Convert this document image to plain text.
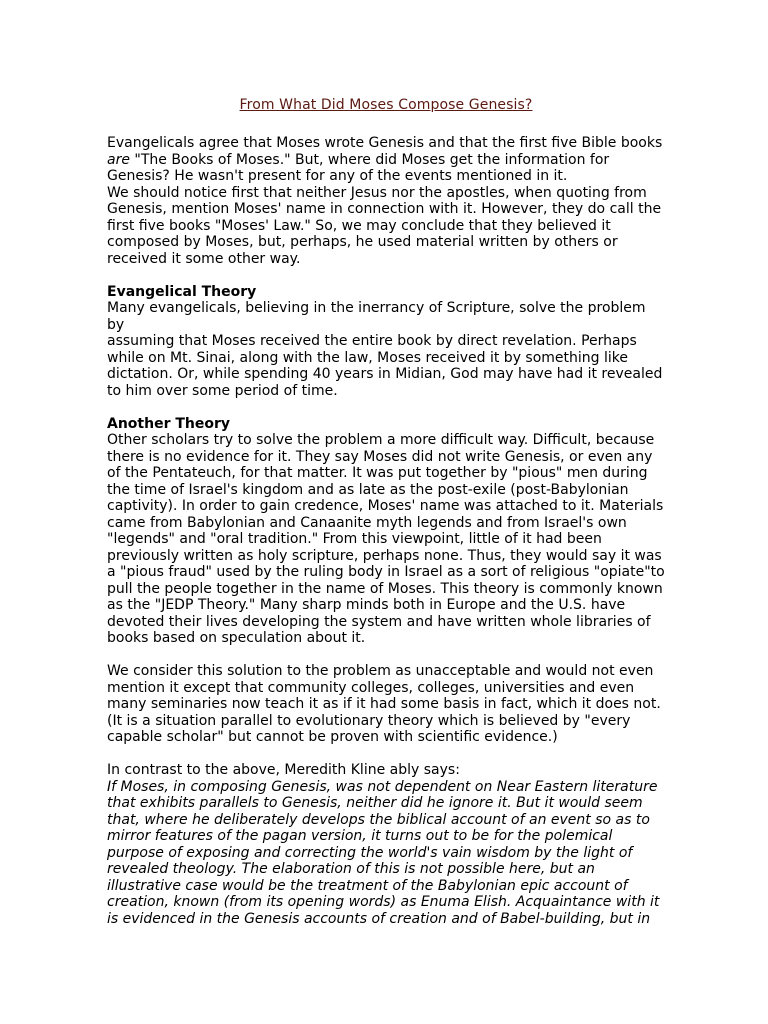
From What Did Moses Compose Genesis?

Evangelicals agree that Moses wrote Genesis and that the first five Bible books
are "The Books of Moses." But, where did Moses get the information for
Genesis? He wasn't present for any of the events mentioned in it.

We should notice first that neither Jesus nor the apostles, when quoting from
Genesis, mention Moses' name in connection with it. However, they do call the
first five books "Moses' Law." So, we may conclude that they believed it
composed by Moses, but, perhaps, he used material written by others or
received it some other way.

Evangelical Theory

Many evangelicals, believing in the inerrancy of Scripture, solve the problem by
assuming that Moses received the entire book by direct revelation. Perhaps
while on Mt. Sinai, along with the law, Moses received it by something like
dictation. Or, while spending 40 years in Midian, God may have had it revealed
to him over some period of time.

Another Theory

Other scholars try to solve the problem a more difficult way. Difficult, because
there is no evidence for it. They say Moses did not write Genesis, or even any
of the Pentateuch, for that matter. It was put together by "pious" men during
the time of Israel's kingdom and as late as the post-exile (post-Babylonian
captivity). In order to gain credence, Moses' name was attached to it. Materials
came from Babylonian and Canaanite myth legends and from Israel's own
"legends" and "oral tradition." From this viewpoint, little of it had been
previously written as holy scripture, perhaps none. Thus, they would say it was
a "pious fraud" used by the ruling body in Israel as a sort of religious "opiate"to
pull the people together in the name of Moses. This theory is commonly known
as the "JEDP Theory." Many sharp minds both in Europe and the U.S. have
devoted their lives developing the system and have written whole libraries of
books based on speculation about it.

We consider this solution to the problem as unacceptable and would not even
mention it except that community colleges, colleges, universities and even
many seminaries now teach it as if it had some basis in fact, which it does not.
(It is a situation parallel to evolutionary theory which is believed by "every
capable scholar" but cannot be proven with scientific evidence.)

In contrast to the above, Meredith Kline ably says:

If Moses, in composing Genesis, was not dependent on Near Eastern literature
that exhibits parallels to Genesis, neither did he ignore it. But it would seem
that, where he deliberately develops the biblical account of an event so as to
mirror features of the pagan version, it turns out to be for the polemical
purpose of exposing and correcting the world's vain wisdom by the light of
revealed theology. The elaboration of this is not possible here, but an
illustrative case would be the treatment of the Babylonian epic account of
creation, known (from its opening words) as Enuma Elish. Acquaintance with it
is evidenced in the Genesis accounts of creation and of Babel-building, but in
